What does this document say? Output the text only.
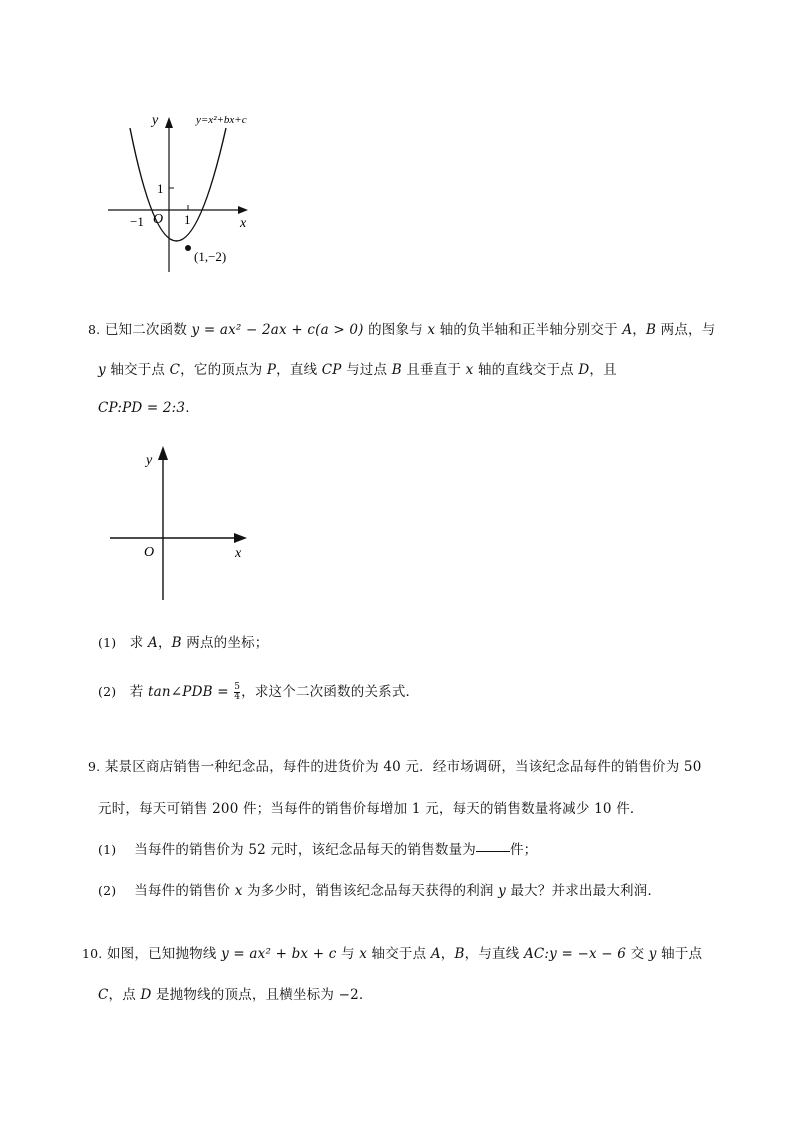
y=x²+bx+c
y
x
O
1
−1	1
(1,−2)
8. 已知二次函数 y = ax² − 2ax + c(a > 0) 的图象与 x 轴的负半轴和正半轴分别交于 A，B 两点，与
y 轴交于点 C，它的顶点为 P，直线 CP 与过点 B 且垂直于 x 轴的直线交于点 D，且
CP:PD = 2:3.
y
x
O
(1) 求 A，B 两点的坐标；
(2) 若 tan∠PDB = $\frac{5}{4}$ ，求这个二次函数的关系式．
9. 某景区商店销售一种纪念品，每件的进货价为 40 元．经市场调研，当该纪念品每件的销售价为 50
元时，每天可销售 200 件；当每件的销售价每增加 1 元，每天的销售数量将减少 10 件．
(1) 当每件的销售价为 52 元时，该纪念品每天的销售数量为	件；
(2) 当每件的销售价 x 为多少时，销售该纪念品每天获得的利润 y 最大？并求出最大利润．
10. 如图，已知抛物线 y = ax² + bx + c 与 x 轴交于点 A，B，与直线 AC:y = −x − 6 交 y 轴于点
C，点 D 是抛物线的顶点，且横坐标为 −2.
